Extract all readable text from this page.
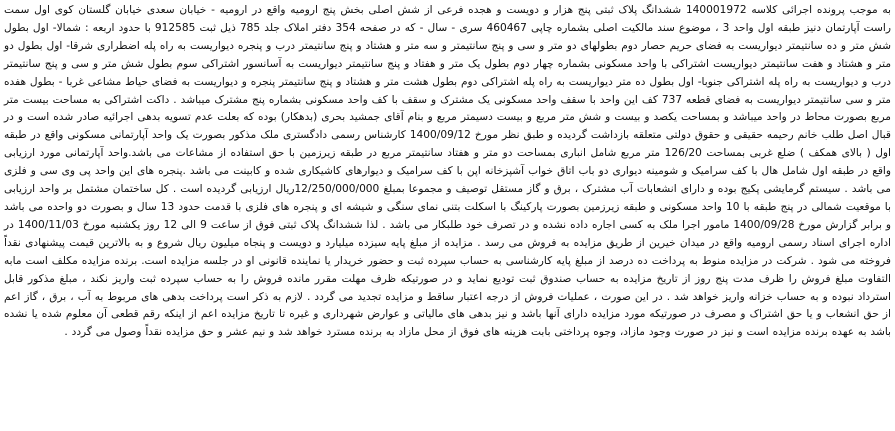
به موجب پرونده اجرائی کلاسه 140001972 ششدانگ پلاک ثبتی پنج هزار و دویست و هجده فرعی از شش اصلی بخش پنج ارومیه واقع در ارومیه - خیابان سعدی خیابان گلستان کوی اول سمت راست آپارتمان دنیز طبقه اول واحد 3 ، موضوع سند مالکیت اصلی بشماره چاپی 460467 سری - سال - که در صفحه 354 دفتر املاک جلد 785 ذیل ثبت 912585 با حدود اربعه : شمالا- اول بطول شش متر و ده سانتیمتر دیواریست به فضای حریم حصار دوم بطولهای دو متر و سی و پنج سانتیمتر و سه متر و هشتاد و پنج سانتیمتر درب و پنجره دیواریست به راه پله اضطراری شرقا- اول بطول دو متر و هشتاد و هفت سانتیمتر دیواریست اشتراکی با واحد مسکونی بشماره چهار دوم بطول یک متر و هفتاد و پنج سانتیمتر دیواریست به آسانسور اشتراکی سوم بطول شش متر و سی و پنج سانتیمتر درب و دیواریست به راه پله اشتراکی جنوبا- اول بطول ده متر دیواریست به راه پله اشتراکی دوم بطول هشت متر و هشتاد و پنج سانتیمتر پنجره و دیواریست به فضای حیاط مشاعی غربا - بطول هفده متر و سی سانتیمتر دیواریست به فضای قطعه 737 کف این واحد با سقف واحد مسکونی یک مشترک و سقف با کف واحد مسکونی بشماره پنج مشترک میباشد . داکت اشتراکی به مساحت بیست متر مربع بصورت محاط در واحد میباشد و بمساحت یکصد و بیست و شش متر مربع و بیست دسیمتر مربع و بنام آقای جمشید بحری (بدهکار) بوده که بعلت عدم تسویه بدهی اجرائیه صادر شده است و در قبال اصل طلب خانم رحیمه حقیقی و حقوق دولتی متعلقه بازداشت گردیده و طبق نظر مورخ 1400/09/12 کارشناس رسمی دادگستری ملک مذکور بصورت یک واحد آپارتمانی مسکونی واقع در طبقه اول ( بالای همکف ) ضلع غربی بمساحت 126/20 متر مربع شامل انباری بمساحت دو متر و هفتاد سانتیمتر مربع در طبقه زیرزمین با حق استفاده از مشاعات می باشد.واحد آپارتمانی مورد ارزیابی واقع در طبقه اول شامل هال با کف سرامیک و شومینه دیواری دو باب اتاق خواب آشپزخانه اپن با کف سرامیک و دیوارهای کاشیکاری شده و کابینت می باشد .پنجره های این واحد پی وی سی و فلزی می باشد . سیستم گرمایشی پکیج بوده و دارای انشعابات آب مشترک ، برق و گاز مستقل توصیف و مجموعا بمبلغ 12/250/000/000ریال ارزیابی گردیده است . کل ساختمان مشتمل بر واحد ارزیابی با موقعیت شمالی در پنج طبقه با 10 واحد مسکونی و طبقه زیرزمین بصورت پارکینگ با اسکلت بتنی نمای سنگی و شیشه ای و پنجره های فلزی با قدمت حدود 13 سال و بصورت دو واحده می باشد و برابر گزارش مورخ 1400/09/28 مامور اجرا ملک به کسی اجاره داده نشده و در تصرف خود طلبکار می باشد . لذا ششدانگ پلاک ثبتی فوق از ساعت 9 الی 12 روز یکشنبه مورخ 1400/11/03 در اداره اجرای اسناد رسمی ارومیه واقع در میدان خیرین از طریق مزایده به فروش می رسد . مزایده از مبلغ پایه سیزده میلیارد و دویست و پنجاه میلیون ریال شروع و به بالاترین قیمت پیشنهادی نقداً فروخته می شود . شرکت در مزایده منوط به پرداخت ده درصد از مبلغ پایه کارشناسی به حساب سپرده ثبت و حضور خریدار یا نماینده قانونی او در جلسه مزایده است. برنده مزایده مکلف است مابه التفاوت مبلغ فروش را ظرف مدت پنج روز از تاریخ مزایده به حساب صندوق ثبت تودیع نماید و در صورتیکه ظرف مهلت مقرر مانده فروش را به حساب سپرده ثبت واریز نکند ، مبلغ مذکور قابل استرداد نبوده و به حساب خزانه واریز خواهد شد . در این صورت ، عملیات فروش از درجه اعتبار ساقط و مزایده تجدید می گردد . لازم به ذکر است پرداخت بدهی های مربوط به آب ، برق ، گاز اعم از حق انشعاب و یا حق اشتراک و مصرف در صورتیکه مورد مزایده دارای آنها باشد و نیز بدهی های مالیاتی و عوارض شهرداری و غیره تا تاریخ مزایده اعم از اینکه رقم قطعی آن معلوم شده یا نشده باشد به عهده برنده مزایده است و نیز در صورت وجود مازاد، وجوه پرداختی بابت هزینه های فوق از محل مازاد به برنده مسترد خواهد شد و نیم عشر و حق مزایده نقداً وصول می گردد .
